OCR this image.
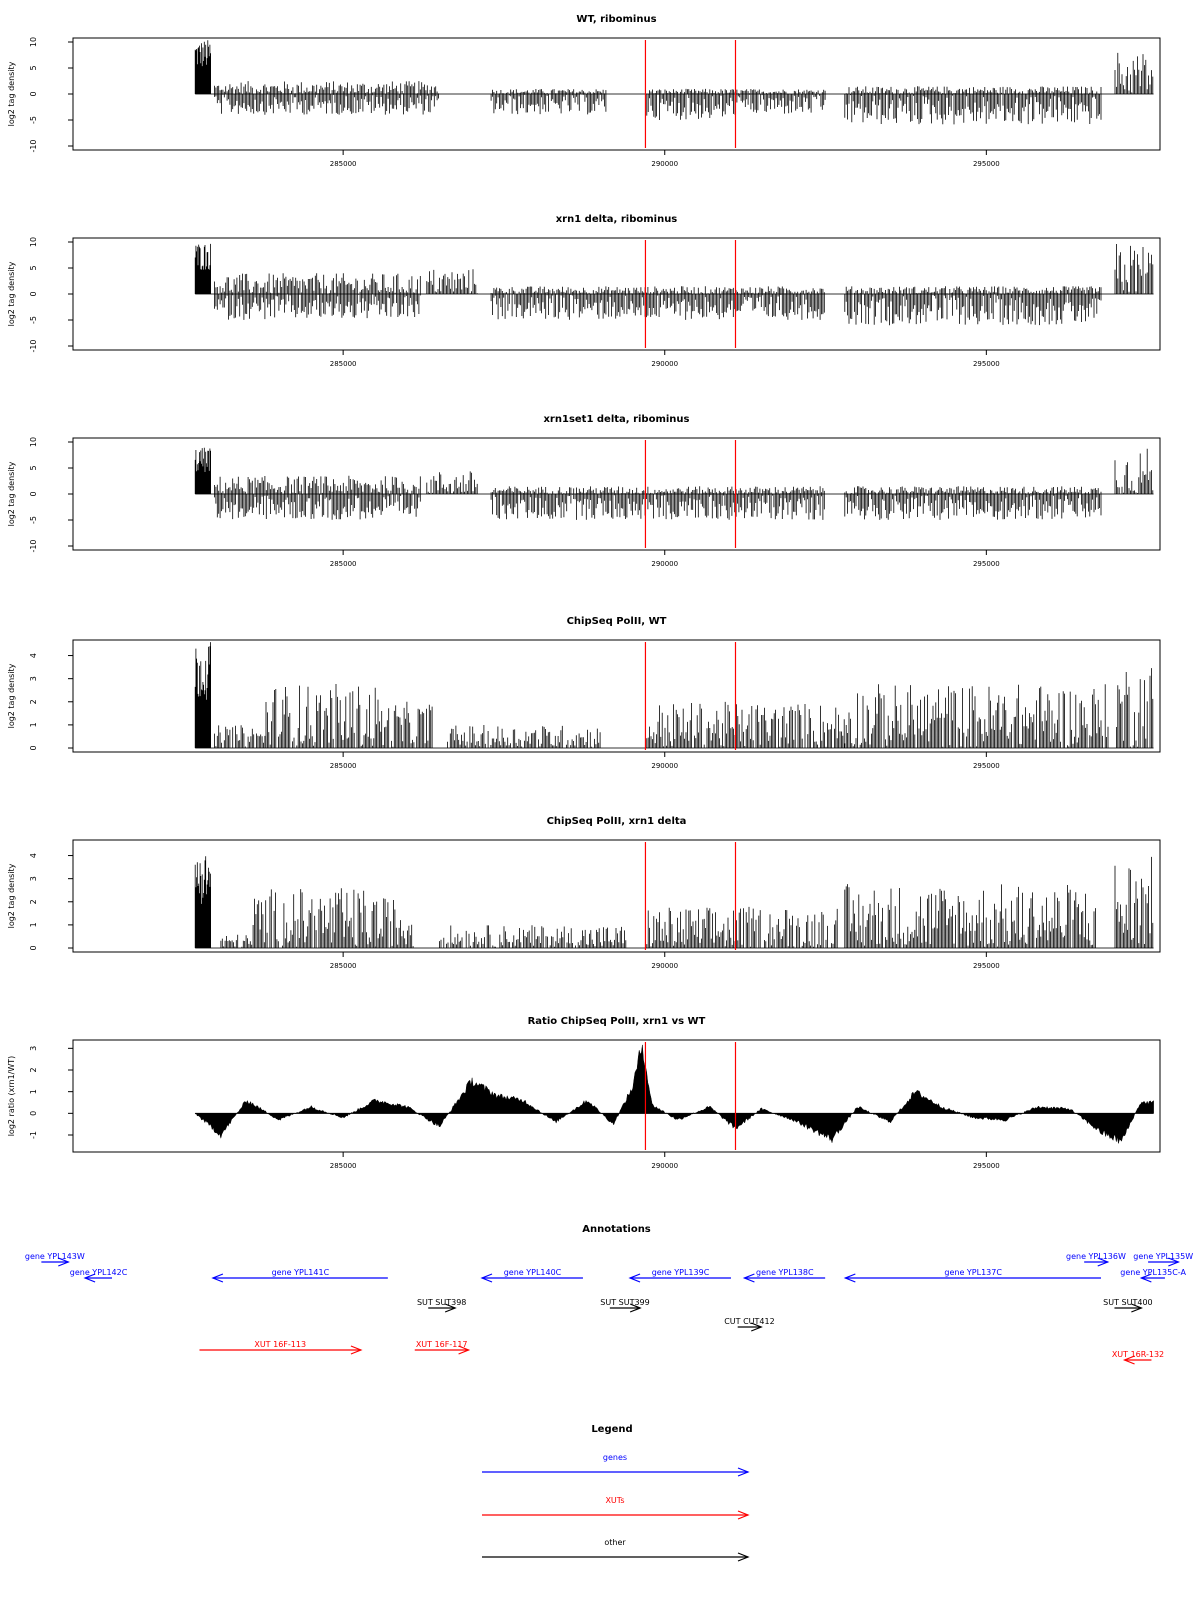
WT, ribominus
log2 tag density
-10
-5
0
5
10
285000	290000	295000
xrn1 delta, ribominus
log2 tag density
-10
-5
0
5
10
285000	290000	295000
xrn1set1 delta, ribominus
log2 tag density
-10
-5
0
5
10
285000	290000	295000
ChipSeq PolII, WT
log2 tag density
0
1
2
3
4
285000	290000	295000
ChipSeq PolII, xrn1 delta
log2 tag density
0
1
2
3
4
285000	290000	295000
Ratio ChipSeq PolII, xrn1 vs WT
log2 ratio (xrn1/WT) -1
0
1
2
3
285000	290000	295000
Annotations
gene YPL143W
gene YPL142C	gene YPL141C	gene YPL140C	gene YPL139C	gene YPL138C	gene YPL137C
gene YPL136W gene YPL135W
gene YPL135C-A
SUT SUT398	SUT SUT399	SUT SUT400
CUT CUT412
XUT 16F-113	XUT 16F-117
XUT 16R-132
Legend
genes
XUTs
other
